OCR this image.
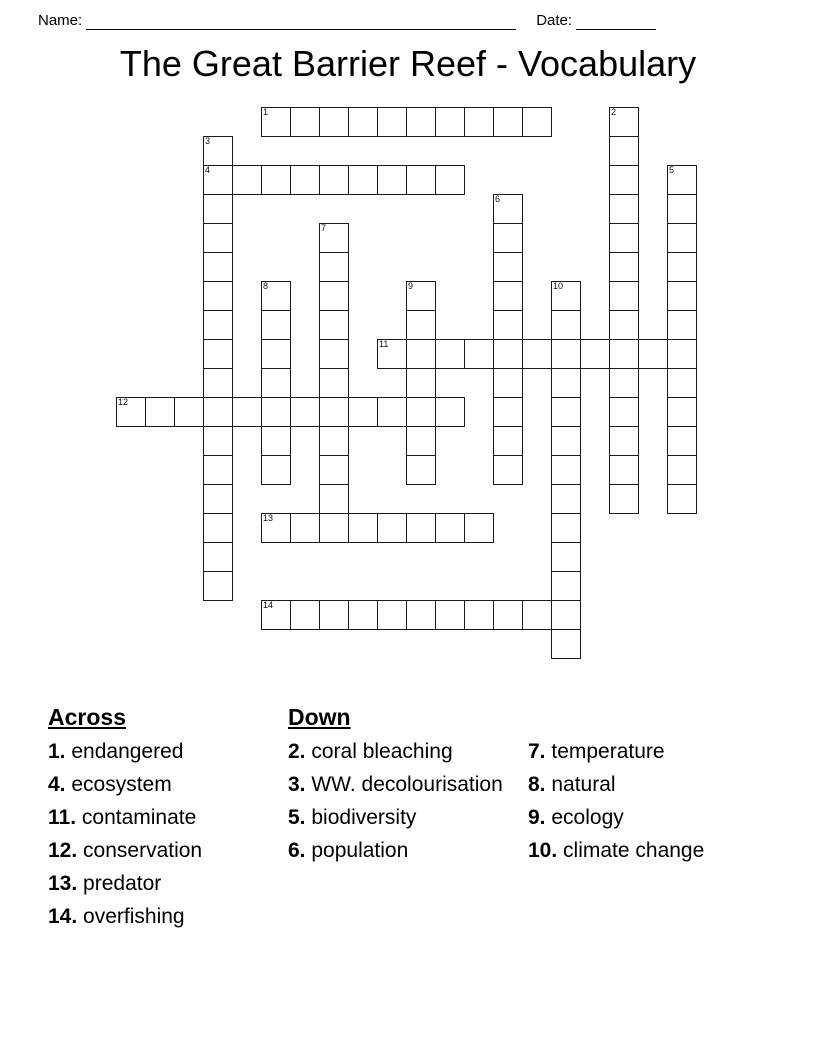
Name:	Date:
The Great Barrier Reef - Vocabulary
1	2
3
4	5
6
7
8	9	10
11
12
13
14
Across
1. endangered
4. ecosystem
11. contaminate
12. conservation
13. predator
14. overfishing
Down
2. coral bleaching
3. WW. decolourisation
5. biodiversity
6. population
7. temperature
8. natural
9. ecology
10. climate change
